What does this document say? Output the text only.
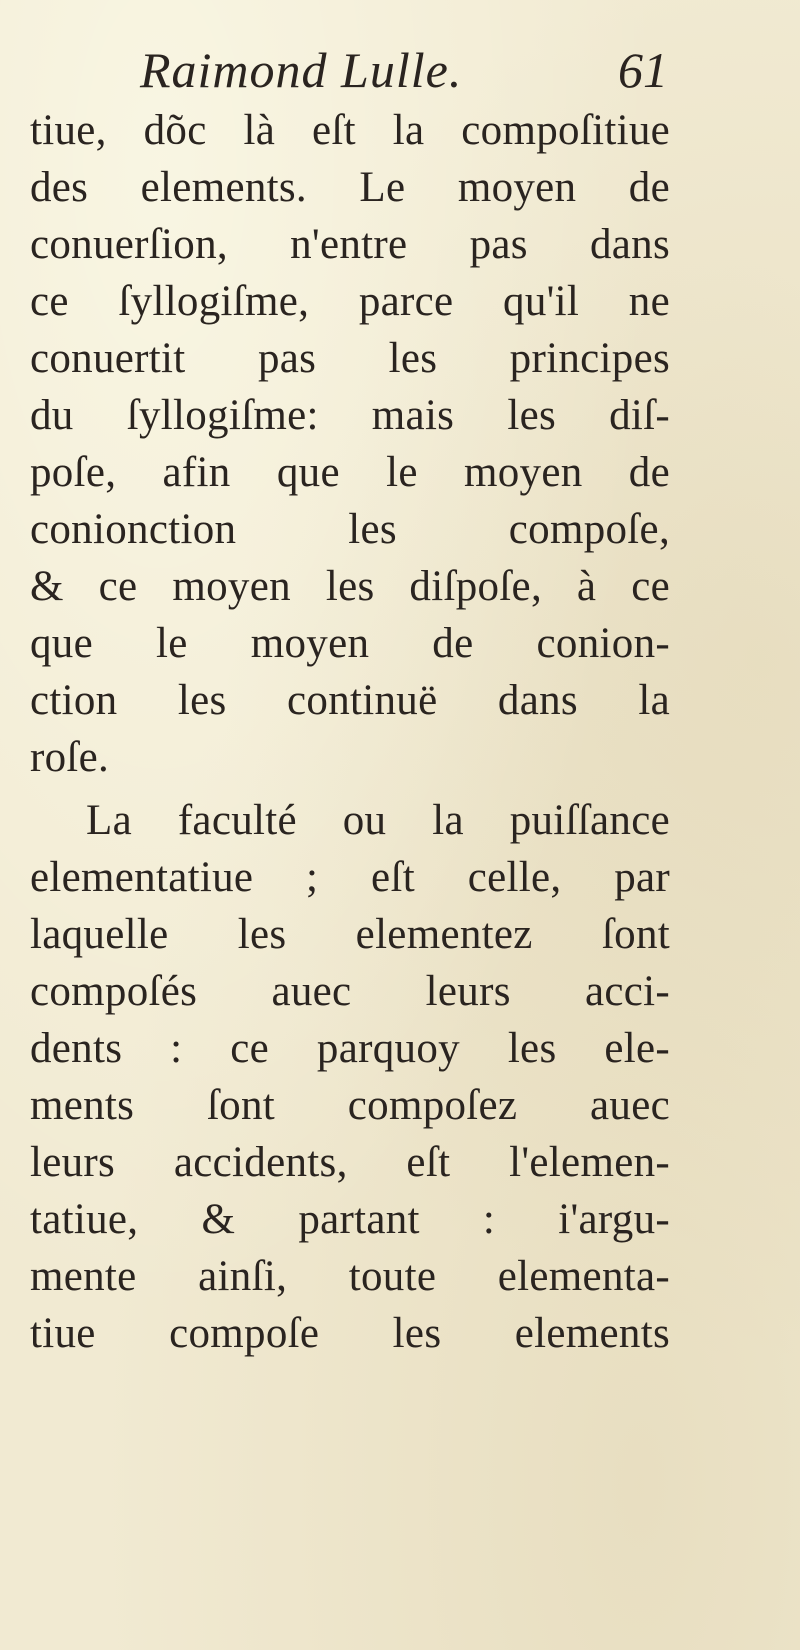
Raimond Lulle.	61
tiue, dõc là eſt la compoſitiue
des elements. Le moyen de
conuerſion, n'entre pas dans
ce ſyllogiſme, parce qu'il ne
conuertit pas les principes
du ſyllogiſme: mais les diſ-
poſe, afin que le moyen de
conionction les compoſe,
& ce moyen les diſpoſe, à ce
que le moyen de conion-
ction les continuë dans la
roſe.
La faculté ou la puiſſance
elementatiue ; eſt celle, par
laquelle les elementez ſont
compoſés auec leurs acci-
dents : ce parquoy les ele-
ments ſont compoſez auec
leurs accidents, eſt l'elemen-
tatiue, & partant : i'argu-
mente ainſi, toute elementa-
tiue compoſe les elements
